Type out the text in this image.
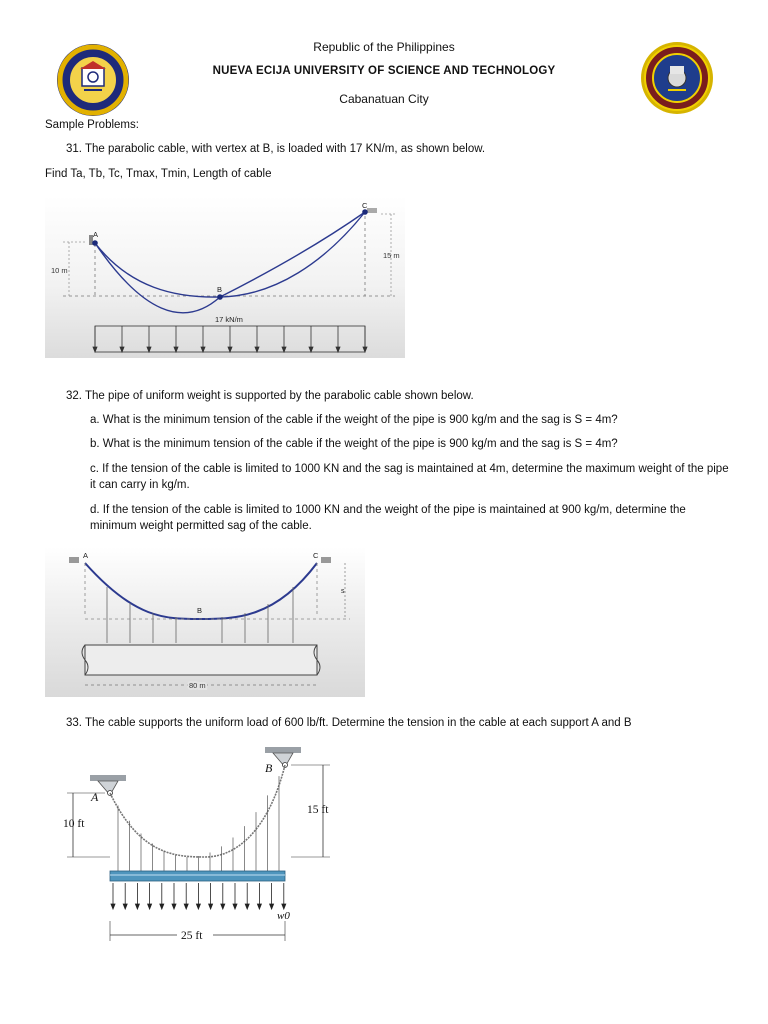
Republic of the Philippines
NUEVA ECIJA UNIVERSITY OF SCIENCE AND TECHNOLOGY
Cabanatuan City
Sample Problems:
31. The parabolic cable, with vertex at B, is loaded with 17 KN/m, as shown below.
Find Ta, Tb, Tc, Tmax, Tmin, Length of cable
A
B
C
10 m
15 m
17 kN/m
32. The pipe of uniform weight is supported by the parabolic cable shown below.
a. What is the minimum tension of the cable if the weight of the pipe is 900 kg/m and the sag is S = 4m?
b. What is the minimum tension of the cable if the weight of the pipe is 900 kg/m and the sag is S = 4m?
c. If the tension of the cable is limited to 1000 KN and the sag is maintained at 4m, determine the maximum weight of the pipe it can carry in kg/m.
d. If the tension of the cable is limited to 1000 KN and the weight of the pipe is maintained at 900 kg/m, determine the minimum weight permitted sag of the cable.
A
B
C
s
80 m
33. The cable supports the uniform load of 600 lb/ft. Determine the tension in the cable at each support A and B
A
B
10 ft
15 ft
w0
25 ft
